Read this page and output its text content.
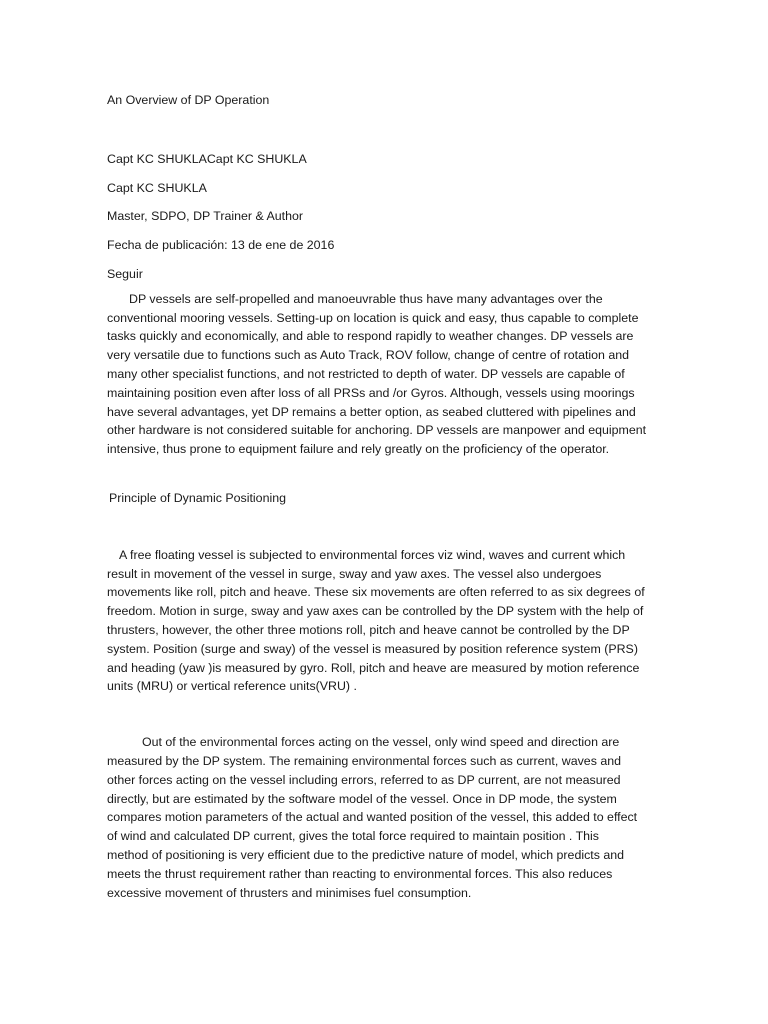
An Overview of DP Operation

Capt KC SHUKLACapt KC SHUKLA

Capt KC SHUKLA

Master, SDPO, DP Trainer & Author

Fecha de publicación: 13 de ene de 2016

Seguir

DP vessels are self-propelled and manoeuvrable thus have many advantages over the

conventional mooring vessels. Setting-up on location is quick and easy, thus capable to complete

tasks quickly and economically, and able to respond rapidly to weather changes. DP vessels are

very versatile due to functions such as Auto Track, ROV follow, change of centre of rotation and

many other specialist functions, and not restricted to depth of water. DP vessels are capable of

maintaining position even after loss of all PRSs and /or Gyros. Although, vessels using moorings

have several advantages, yet DP remains a better option, as seabed cluttered with pipelines and

other hardware is not considered suitable for anchoring. DP vessels are manpower and equipment

intensive, thus prone to equipment failure and rely greatly on the proficiency of the operator.

Principle of Dynamic Positioning

A free floating vessel is subjected to environmental forces viz wind, waves and current which

result in movement of the vessel in surge, sway and yaw axes. The vessel also undergoes

movements like roll, pitch and heave. These six movements are often referred to as six degrees of

freedom. Motion in surge, sway and yaw axes can be controlled by the DP system with the help of

thrusters, however, the other three motions roll, pitch and heave cannot be controlled by the DP

system. Position (surge and sway) of the vessel is measured by position reference system (PRS)

and heading (yaw )is measured by gyro. Roll, pitch and heave are measured by motion reference

units (MRU) or vertical reference units(VRU) .

Out of the environmental forces acting on the vessel, only wind speed and direction are

measured by the DP system. The remaining environmental forces such as current, waves and

other forces acting on the vessel including errors, referred to as DP current, are not measured

directly, but are estimated by the software model of the vessel. Once in DP mode, the system

compares motion parameters of the actual and wanted position of the vessel, this added to effect

of wind and calculated DP current, gives the total force required to maintain position . This

method of positioning is very efficient due to the predictive nature of model, which predicts and

meets the thrust requirement rather than reacting to environmental forces. This also reduces

excessive movement of thrusters and minimises fuel consumption.
